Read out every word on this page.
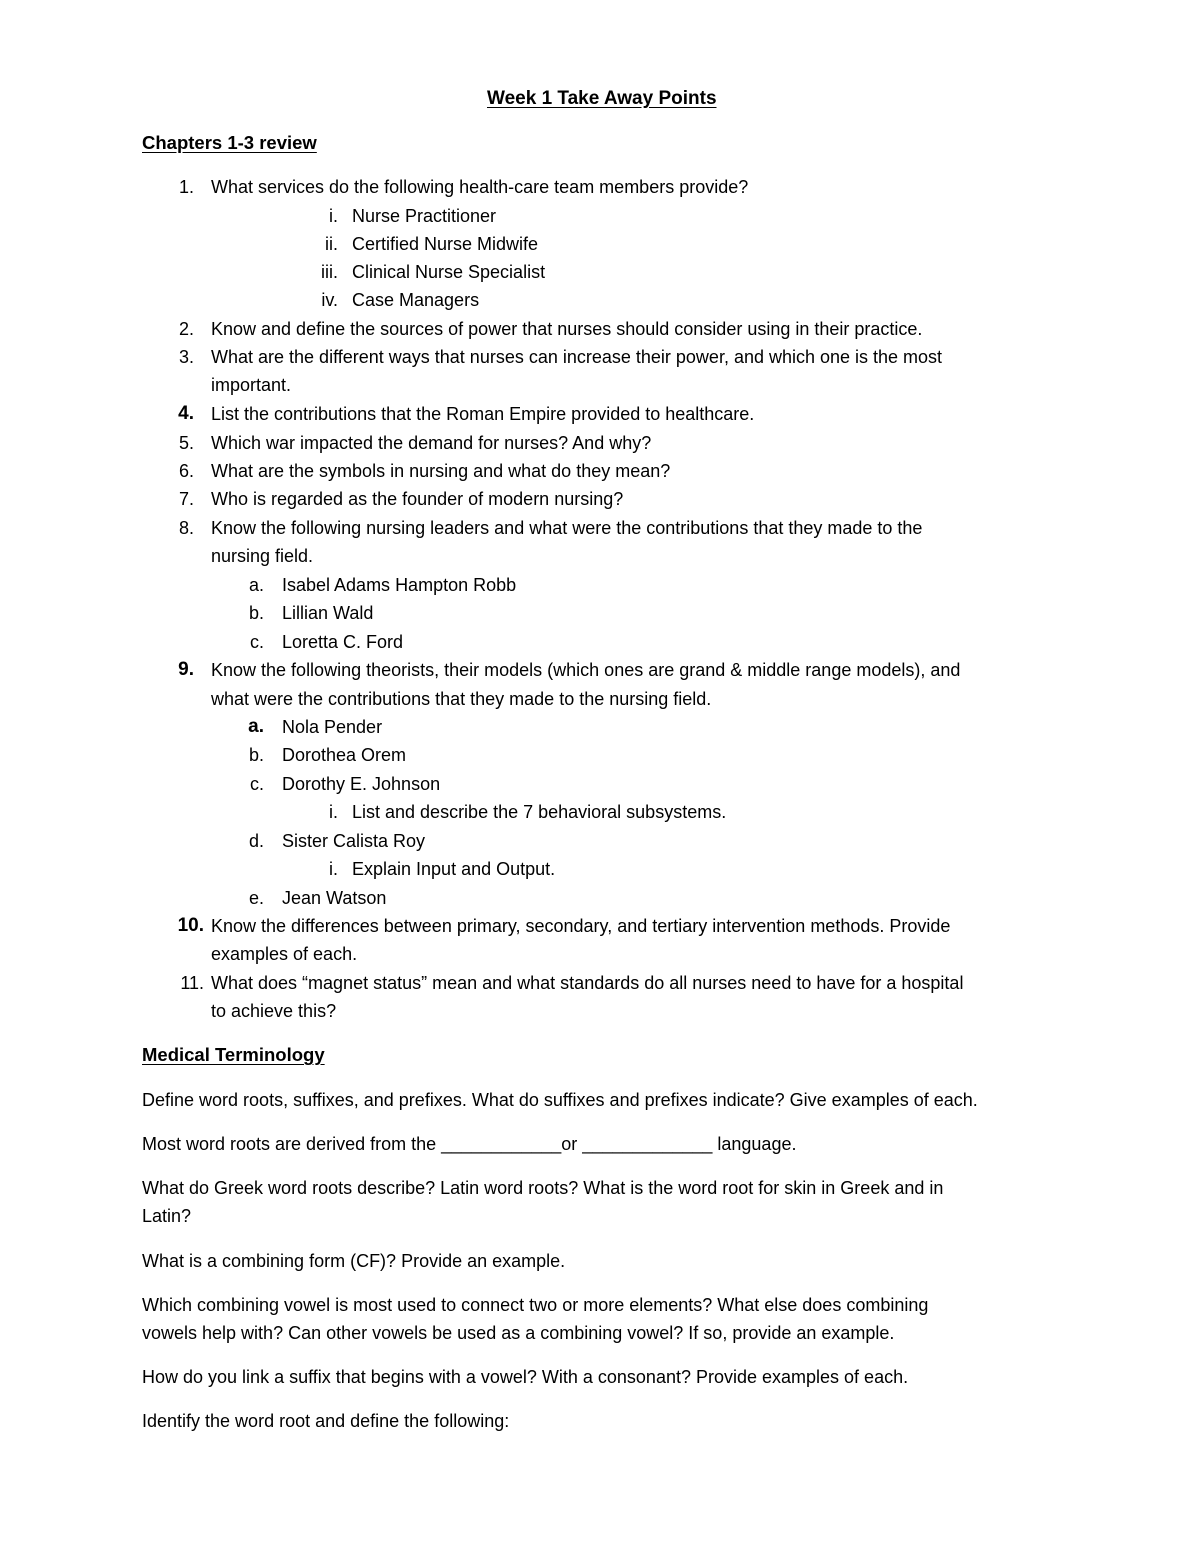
Week 1 Take Away Points
Chapters 1-3 review
1. What services do the following health-care team members provide?
i. Nurse Practitioner
ii. Certified Nurse Midwife
iii. Clinical Nurse Specialist
iv. Case Managers
2. Know and define the sources of power that nurses should consider using in their practice.
3. What are the different ways that nurses can increase their power, and which one is the most
important.
4. List the contributions that the Roman Empire provided to healthcare.
5. Which war impacted the demand for nurses? And why?
6. What are the symbols in nursing and what do they mean?
7. Who is regarded as the founder of modern nursing?
8. Know the following nursing leaders and what were the contributions that they made to the
nursing field.
a. Isabel Adams Hampton Robb
b. Lillian Wald
c. Loretta C. Ford
9. Know the following theorists, their models (which ones are grand & middle range models), and
what were the contributions that they made to the nursing field.
a. Nola Pender
b. Dorothea Orem
c. Dorothy E. Johnson
i. List and describe the 7 behavioral subsystems.
d. Sister Calista Roy
i. Explain Input and Output.
e. Jean Watson
10. Know the differences between primary, secondary, and tertiary intervention methods. Provide
examples of each.
11. What does “magnet status” mean and what standards do all nurses need to have for a hospital
to achieve this?
Medical Terminology
Define word roots, suffixes, and prefixes. What do suffixes and prefixes indicate? Give examples of each.
Most word roots are derived from the ____________or _____________ language.
What do Greek word roots describe? Latin word roots? What is the word root for skin in Greek and in
Latin?
What is a combining form (CF)? Provide an example.
Which combining vowel is most used to connect two or more elements? What else does combining
vowels help with? Can other vowels be used as a combining vowel? If so, provide an example.
How do you link a suffix that begins with a vowel? With a consonant? Provide examples of each.
Identify the word root and define the following:
